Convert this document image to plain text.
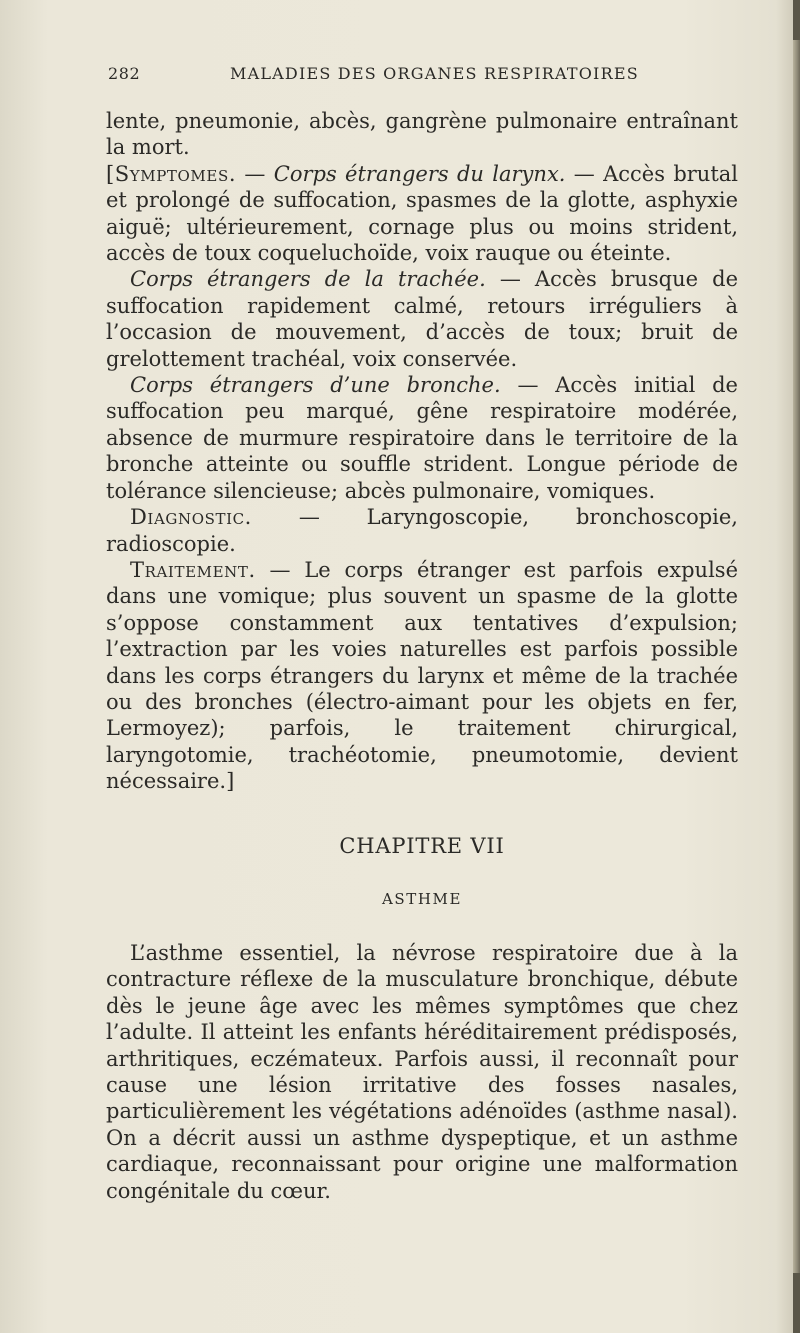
282	MALADIES DES ORGANES RESPIRATOIRES

lente, pneumonie, abcès, gangrène pulmonaire entraînant la mort.

[Symptomes. — Corps étrangers du larynx. — Accès brutal et prolongé de suffocation, spasmes de la glotte, asphyxie aiguë; ultérieurement, cornage plus ou moins strident, accès de toux coqueluchoïde, voix rauque ou éteinte.

Corps étrangers de la trachée. — Accès brusque de suffocation rapidement calmé, retours irréguliers à l’occasion de mouvement, d’accès de toux; bruit de grelottement trachéal, voix conservée.

Corps étrangers d’une bronche. — Accès initial de suffocation peu marqué, gêne respiratoire modérée, absence de murmure respiratoire dans le territoire de la bronche atteinte ou souffle strident. Longue période de tolérance silencieuse; abcès pulmonaire, vomiques.

Diagnostic. — Laryngoscopie, bronchoscopie, radioscopie.

Traitement. — Le corps étranger est parfois expulsé dans une vomique; plus souvent un spasme de la glotte s’oppose constamment aux tentatives d’expulsion; l’extraction par les voies naturelles est parfois possible dans les corps étrangers du larynx et même de la trachée ou des bronches (électro-aimant pour les objets en fer, Lermoyez); parfois, le traitement chirurgical, laryngotomie, trachéotomie, pneumotomie, devient nécessaire.]

CHAPITRE VII
ASTHME

L’asthme essentiel, la névrose respiratoire due à la contracture réflexe de la musculature bronchique, débute dès le jeune âge avec les mêmes symptômes que chez l’adulte. Il atteint les enfants héréditairement prédisposés, arthritiques, eczémateux. Parfois aussi, il reconnaît pour cause une lésion irritative des fosses nasales, particulièrement les végétations adénoïdes (asthme nasal). On a décrit aussi un asthme dyspeptique, et un asthme cardiaque, reconnaissant pour origine une malformation congénitale du cœur.
